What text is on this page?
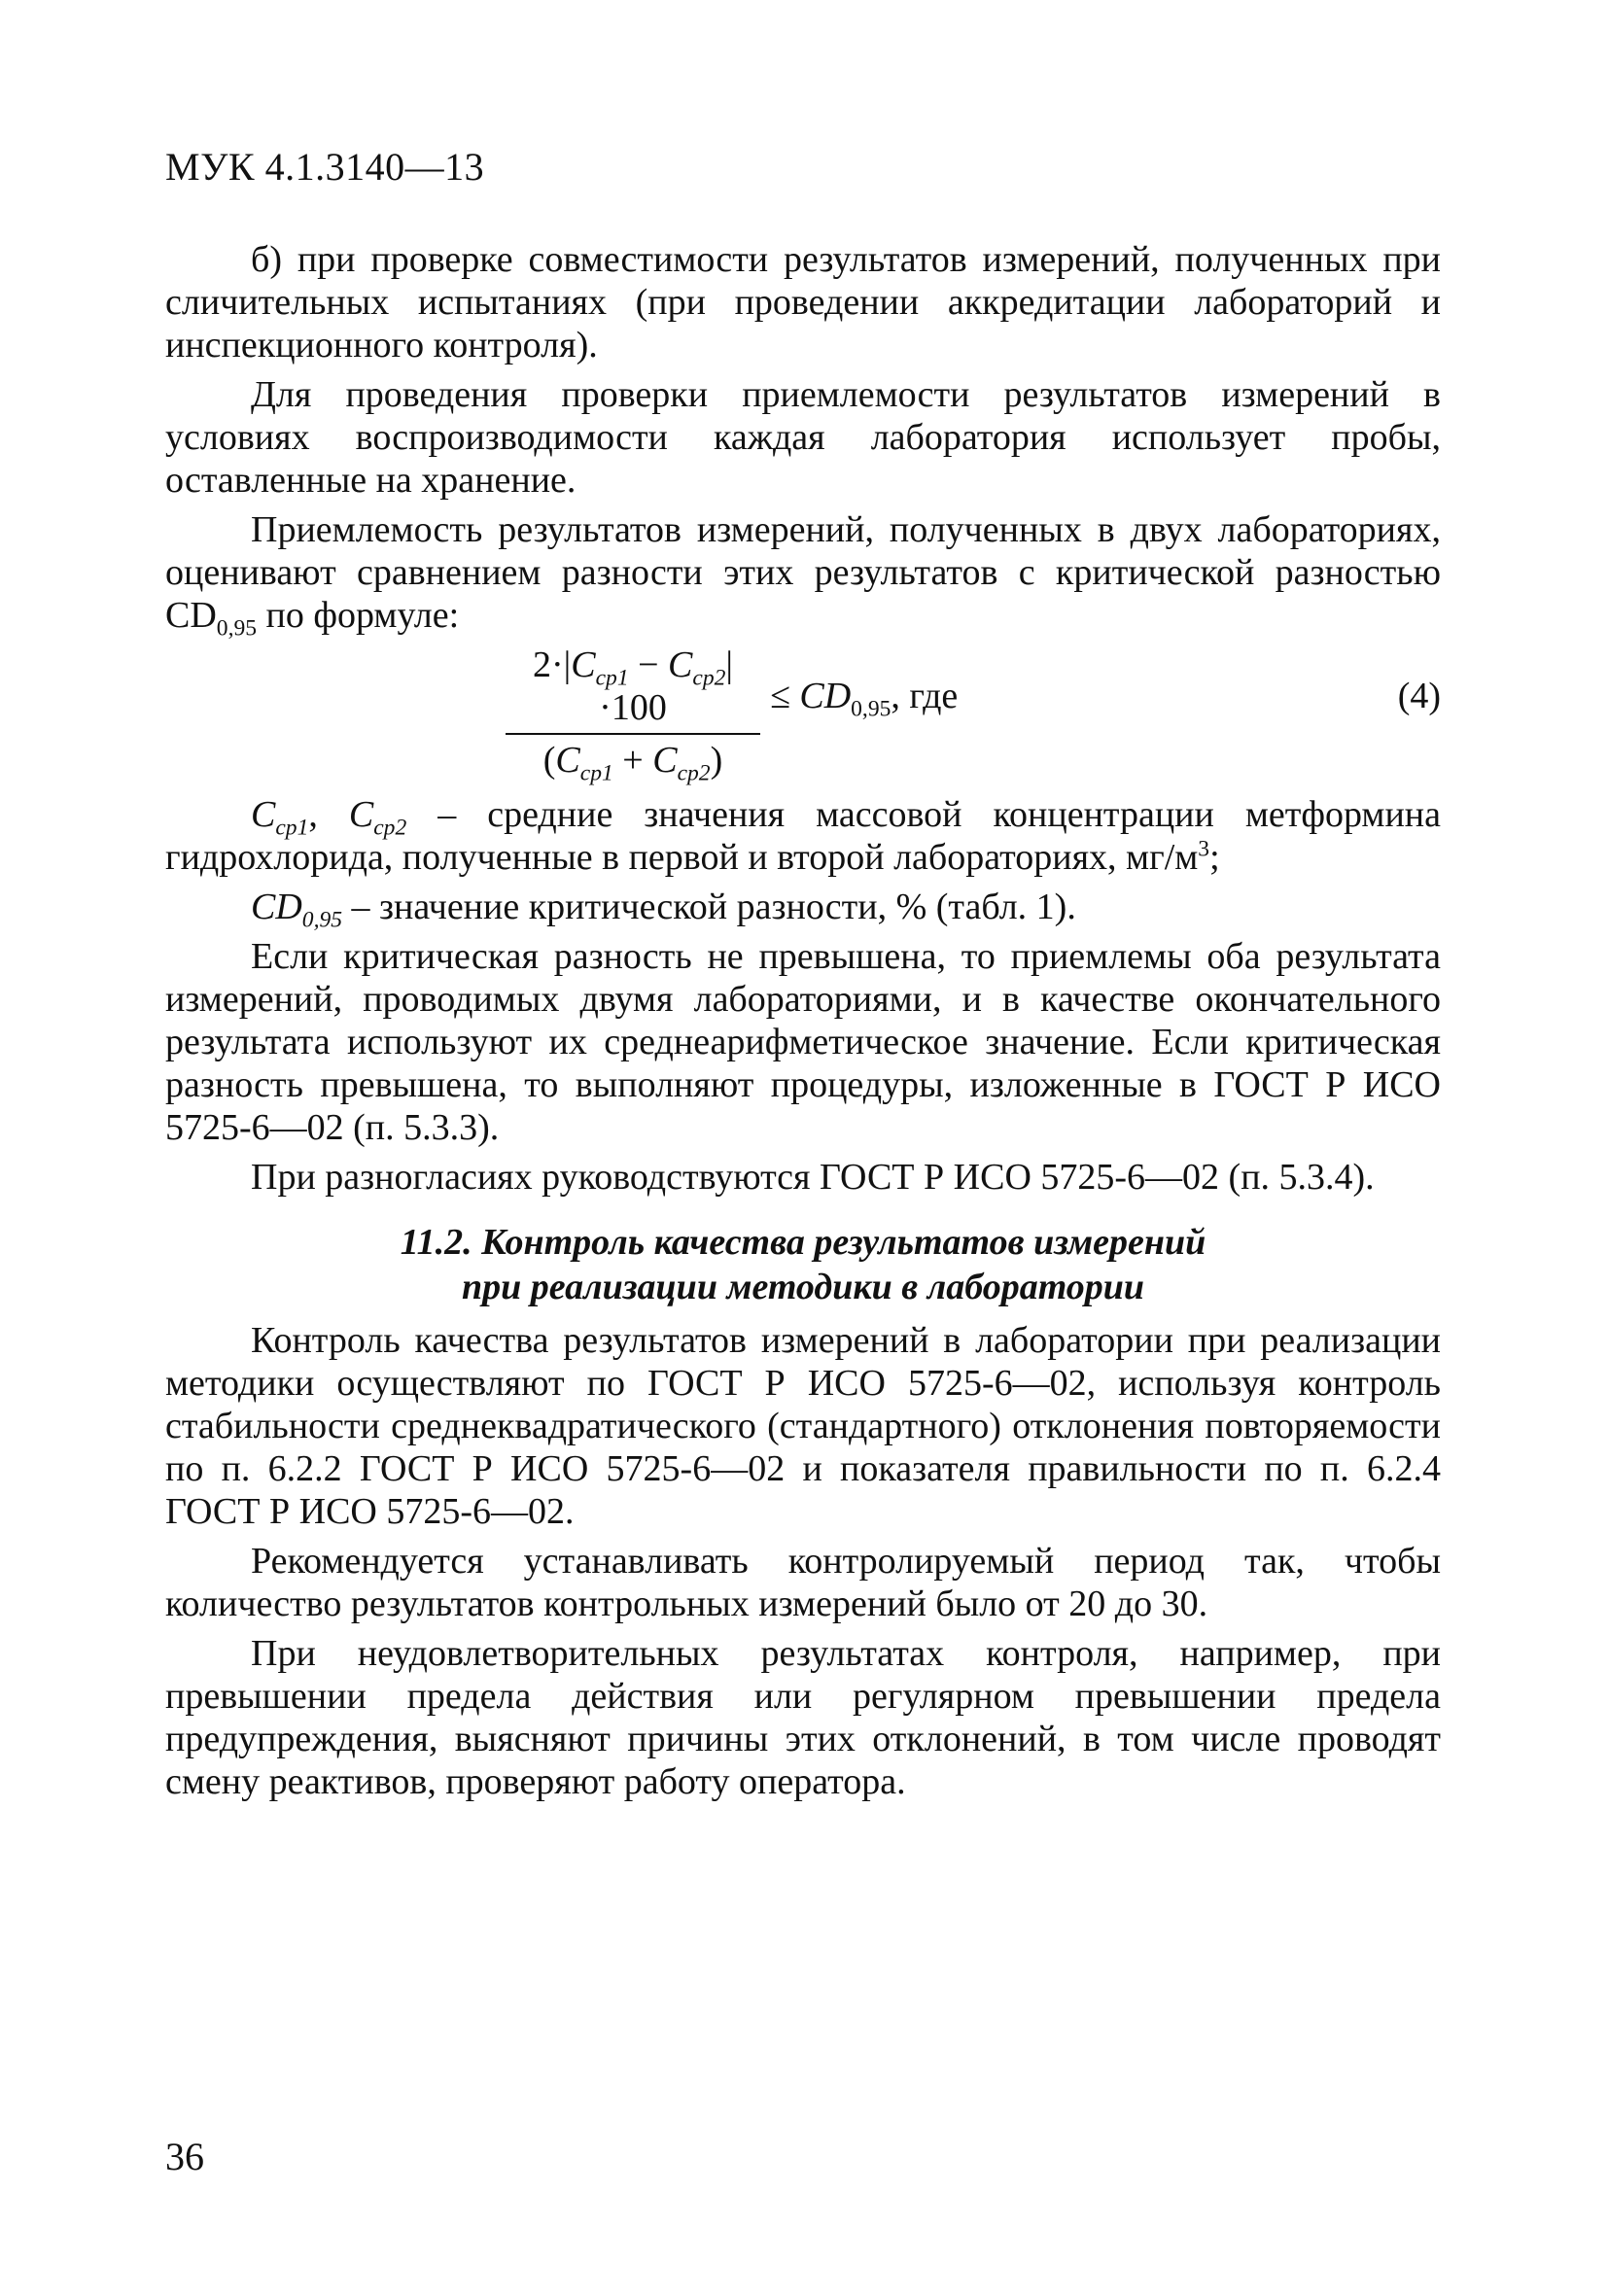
МУК 4.1.3140—13

б) при проверке совместимости результатов измерений, полученных при сличительных испытаниях (при проведении аккредитации лабораторий и инспекционного контроля).

Для проведения проверки приемлемости результатов измерений в условиях воспроизводимости каждая лаборатория использует пробы, оставленные на хранение.

Приемлемость результатов измерений, полученных в двух лабораториях, оценивают сравнением разности этих результатов с критической разностью $CD_{0,95}$ по формуле:

$2\cdot|C_{ср1} - C_{ср2}|\cdot 100$
$(C_{ср1} + C_{ср2})$
≤ $CD_{0,95}$, где	(4)

$C_{ср1}$, $C_{ср2}$ – средние значения массовой концентрации метформина гидрохлорида, полученные в первой и второй лабораториях, $мг/м^3$;

$CD_{0,95}$ – значение критической разности, % (табл. 1).

Если критическая разность не превышена, то приемлемы оба результата измерений, проводимых двумя лабораториями, и в качестве окончательного результата используют их среднеарифметическое значение. Если критическая разность превышена, то выполняют процедуры, изложенные в ГОСТ Р ИСО 5725-6—02 (п. 5.3.3).

При разногласиях руководствуются ГОСТ Р ИСО 5725-6—02 (п. 5.3.4).

11.2. Контроль качества результатов измерений
при реализации методики в лаборатории

Контроль качества результатов измерений в лаборатории при реализации методики осуществляют по ГОСТ Р ИСО 5725-6—02, используя контроль стабильности среднеквадратического (стандартного) отклонения повторяемости по п. 6.2.2 ГОСТ Р ИСО 5725-6—02 и показателя правильности по п. 6.2.4 ГОСТ Р ИСО 5725-6—02.

Рекомендуется устанавливать контролируемый период так, чтобы количество результатов контрольных измерений было от 20 до 30.

При неудовлетворительных результатах контроля, например, при превышении предела действия или регулярном превышении предела предупреждения, выясняют причины этих отклонений, в том числе проводят смену реактивов, проверяют работу оператора.

36
